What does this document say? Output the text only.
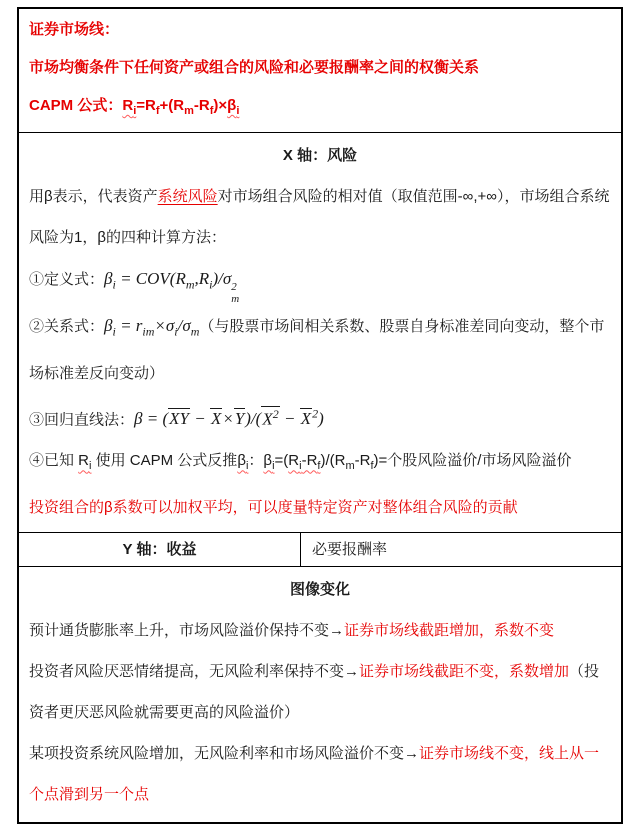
证券市场线：

市场均衡条件下任何资产或组合的风险和必要报酬率之间的权衡关系

CAPM 公式：$R_i=R_f+(R_m-R_f)\times\beta_i$

X 轴：风险

用β表示，代表资产系统风险对市场组合风险的相对值（取值范围-∞,+∞），市场组合系统风险为1，β的四种计算方法：

①定义式：$\beta_i = COV(R_m,R_i)/\sigma$ 2
m

②关系式：$\beta_i = r_{im}\times\sigma_i/\sigma_m$（与股票市场间相关系数、股票自身标准差同向变动，整个市场标准差反向变动）

③回归直线法：$\beta = (XY - X\times Y)/(X^2 - X^2)$

④已知 $R_i$ 使用 CAPM 公式反推$\beta_i$：$\beta_i=(R_i-R_f)/(R_m-R_f)=$个股风险溢价/市场风险溢价

投资组合的β系数可以加权平均，可以度量特定资产对整体组合风险的贡献

Y 轴：收益	必要报酬率

图像变化

预计通货膨胀率上升，市场风险溢价保持不变→证券市场线截距增加，系数不变

投资者风险厌恶情绪提高，无风险利率保持不变→证券市场线截距不变，系数增加（投资者更厌恶风险就需要更高的风险溢价）

某项投资系统风险增加，无风险利率和市场风险溢价不变→证券市场线不变，线上从一个点滑到另一个点
